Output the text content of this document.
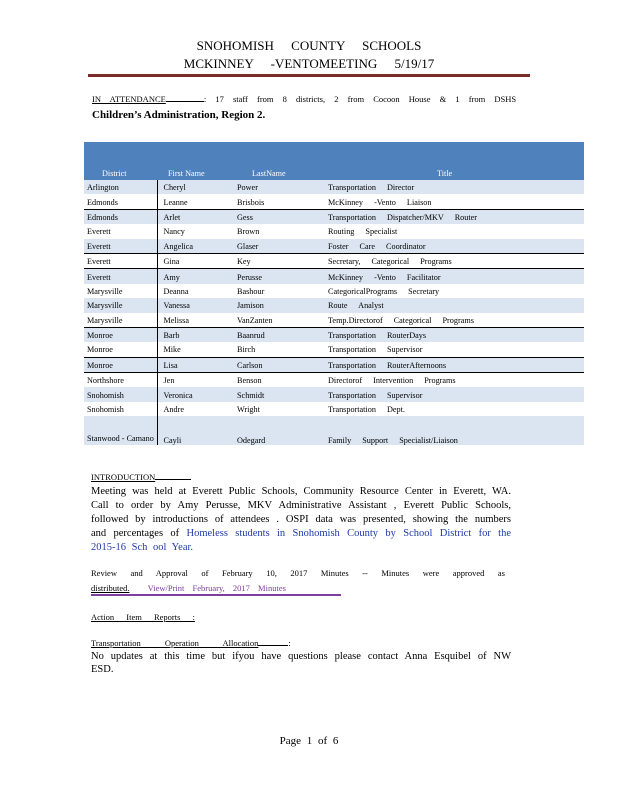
SNOHOMISH COUNTY SCHOOLS
MCKINNEY -VENTOMEETING 5/19/17
IN ATTENDANCE	: 17 staff from 8 districts, 2 from Cocoon House & 1 from DSHS
Children’s Administration, Region 2.
District	First Name	LastName	Title
Arlington	Cheryl	Power	Transportation Director
Edmonds	Leanne	Brisbois	McKinney -Vento Liaison
Edmonds	Arlet	Gess	Transportation Dispatcher/MKV Router
Everett	Nancy	Brown	Routing Specialist
Everett	Angelica	Glaser	Foster Care Coordinator
Everett	Gina	Key	Secretary, Categorical Programs
Everett	Amy	Perusse	McKinney -Vento Facilitator
Marysville	Deanna	Bashour	CategoricalPrograms Secretary
Marysville	Vanessa	Jamison	Route Analyst
Marysville	Melissa	VanZanten	Temp.Directorof Categorical Programs
Monroe	Barb	Baanrud	Transportation RouterDays
Monroe	Mike	Birch	Transportation Supervisor
Monroe	Lisa	Carlson	Transportation RouterAfternoons
Northshore	Jen	Benson	Directorof Intervention Programs
Snohomish	Veronica	Schmidt	Transportation Supervisor
Snohomish	Andre	Wright	Transportation Dept.
Stanwood - Camano	Cayli	Odegard	Family Support Specialist/Liaison
INTRODUCTION
Meeting was held at Everett Public Schools, Community Resource Center in Everett, WA. Call to order by Amy Perusse, MKV Administrative Assistant , Everett Public Schools, followed by introductions of attendees . OSPI data was presented, showing the numbers and percentages of Homeless students in Snohomish County by School District for the 2015-16 Sch ool Year.
Review and Approval of February 10, 2017 Minutes -- Minutes were approved as
distributed. View/Print February, 2017 Minutes
Action Item Reports :
Transportation Operation Allocation	:
No updates at this time but ifyou have questions please contact Anna Esquibel of NW ESD.
Page 1 of 6
